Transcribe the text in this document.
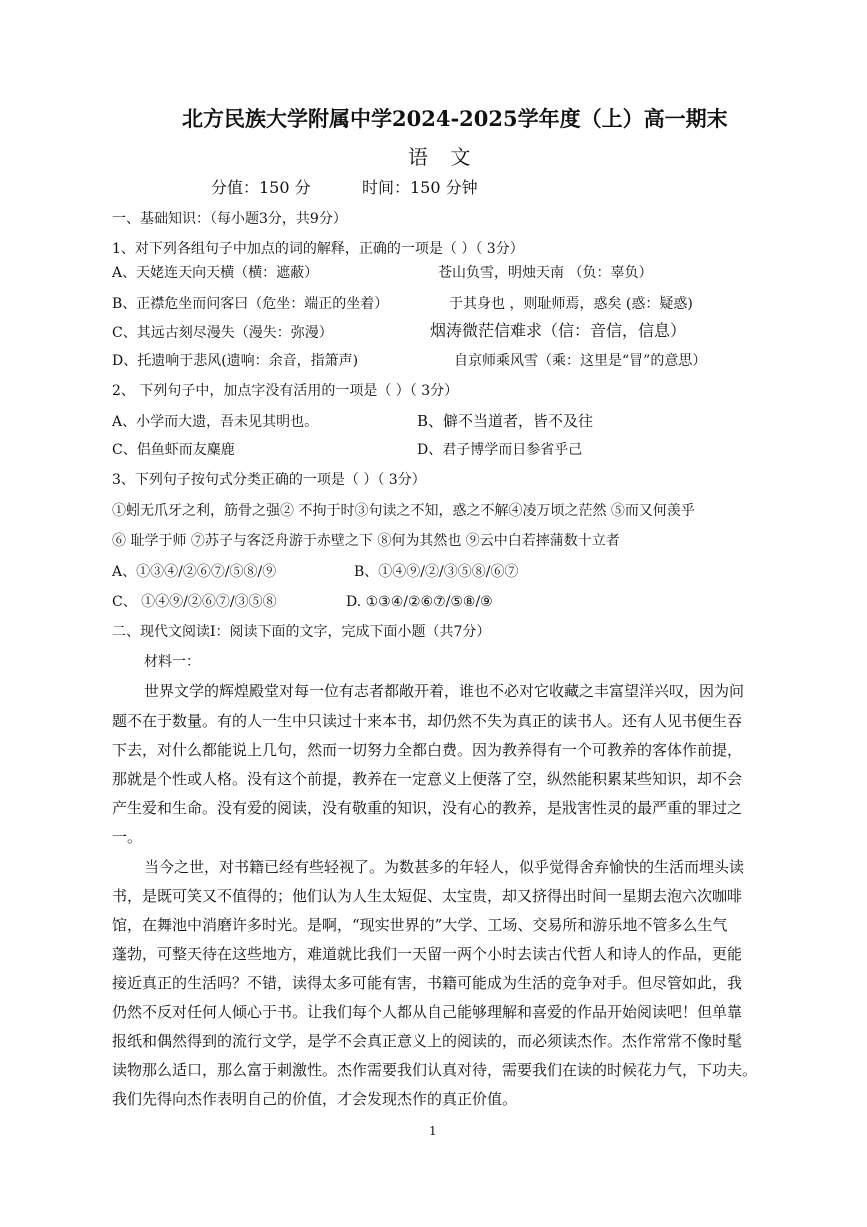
北方民族大学附属中学2024-2025学年度（上）高一期末
语 文
分值：150 分	时间：150 分钟
一、基础知识：（每小题3分，共9分）
1、对下列各组句子中加点的词的解释，正确的一项是（ ）（ 3分）
A、天姥连天向天横（横：遮蔽）	苍山负雪，明烛天南 （负：辜负）
B、正襟危坐而问客曰（危坐：端正的坐着）	于其身也 ，则耻师焉，惑矣 (惑：疑惑)
C、其远古刻尽漫失（漫失：弥漫）	烟涛微茫信难求（信：音信，信息）
D、托遗响于悲风(遗响：余音，指箫声)	自京师乘风雪（乘：这里是“冒”的意思）
2、 下列句子中，加点字没有活用的一项是（ ）（ 3分）
A、小学而大遗，吾未见其明也。	B、僻不当道者，皆不及往
C、侣鱼虾而友麋鹿	D、君子博学而日参省乎己
3、下列句子按句式分类正确的一项是（ ）（ 3分）
①蚓无爪牙之利，筋骨之强② 不拘于时③句读之不知，惑之不解④凌万顷之茫然 ⑤而又何羡乎
⑥ 耻学于师 ⑦苏子与客泛舟游于赤壁之下 ⑧何为其然也 ⑨云中白若摔蒲数十立者
A、①③④/②⑥⑦/⑤⑧/⑨	B、①④⑨/②/③⑤⑧/⑥⑦
C、 ①④⑨/②⑥⑦/③⑤⑧	D. ①③④/②⑥⑦/⑤⑧/⑨
二、现代文阅读Ⅰ：阅读下面的文字，完成下面小题（共7分）
材料一：
世界文学的辉煌殿堂对每一位有志者都敞开着，谁也不必对它收藏之丰富望洋兴叹，因为问
题不在于数量。有的人一生中只读过十来本书，却仍然不失为真正的读书人。还有人见书便生吞
下去，对什么都能说上几句，然而一切努力全都白费。因为教养得有一个可教养的客体作前提，
那就是个性或人格。没有这个前提，教养在一定意义上便落了空，纵然能积累某些知识，却不会
产生爱和生命。没有爱的阅读，没有敬重的知识，没有心的教养，是戕害性灵的最严重的罪过之
一。
当今之世，对书籍已经有些轻视了。为数甚多的年轻人，似乎觉得舍弃愉快的生活而埋头读
书，是既可笑又不值得的；他们认为人生太短促、太宝贵，却又挤得出时间一星期去泡六次咖啡
馆，在舞池中消磨许多时光。是啊，“现实世界的”大学、工场、交易所和游乐地不管多么生气
蓬勃，可整天待在这些地方，难道就比我们一天留一两个小时去读古代哲人和诗人的作品，更能
接近真正的生活吗？不错，读得太多可能有害，书籍可能成为生活的竞争对手。但尽管如此，我
仍然不反对任何人倾心于书。让我们每个人都从自己能够理解和喜爱的作品开始阅读吧！但单靠
报纸和偶然得到的流行文学，是学不会真正意义上的阅读的，而必须读杰作。杰作常常不像时髦
读物那么适口，那么富于刺激性。杰作需要我们认真对待，需要我们在读的时候花力气，下功夫。
我们先得向杰作表明自己的价值，才会发现杰作的真正价值。
1
